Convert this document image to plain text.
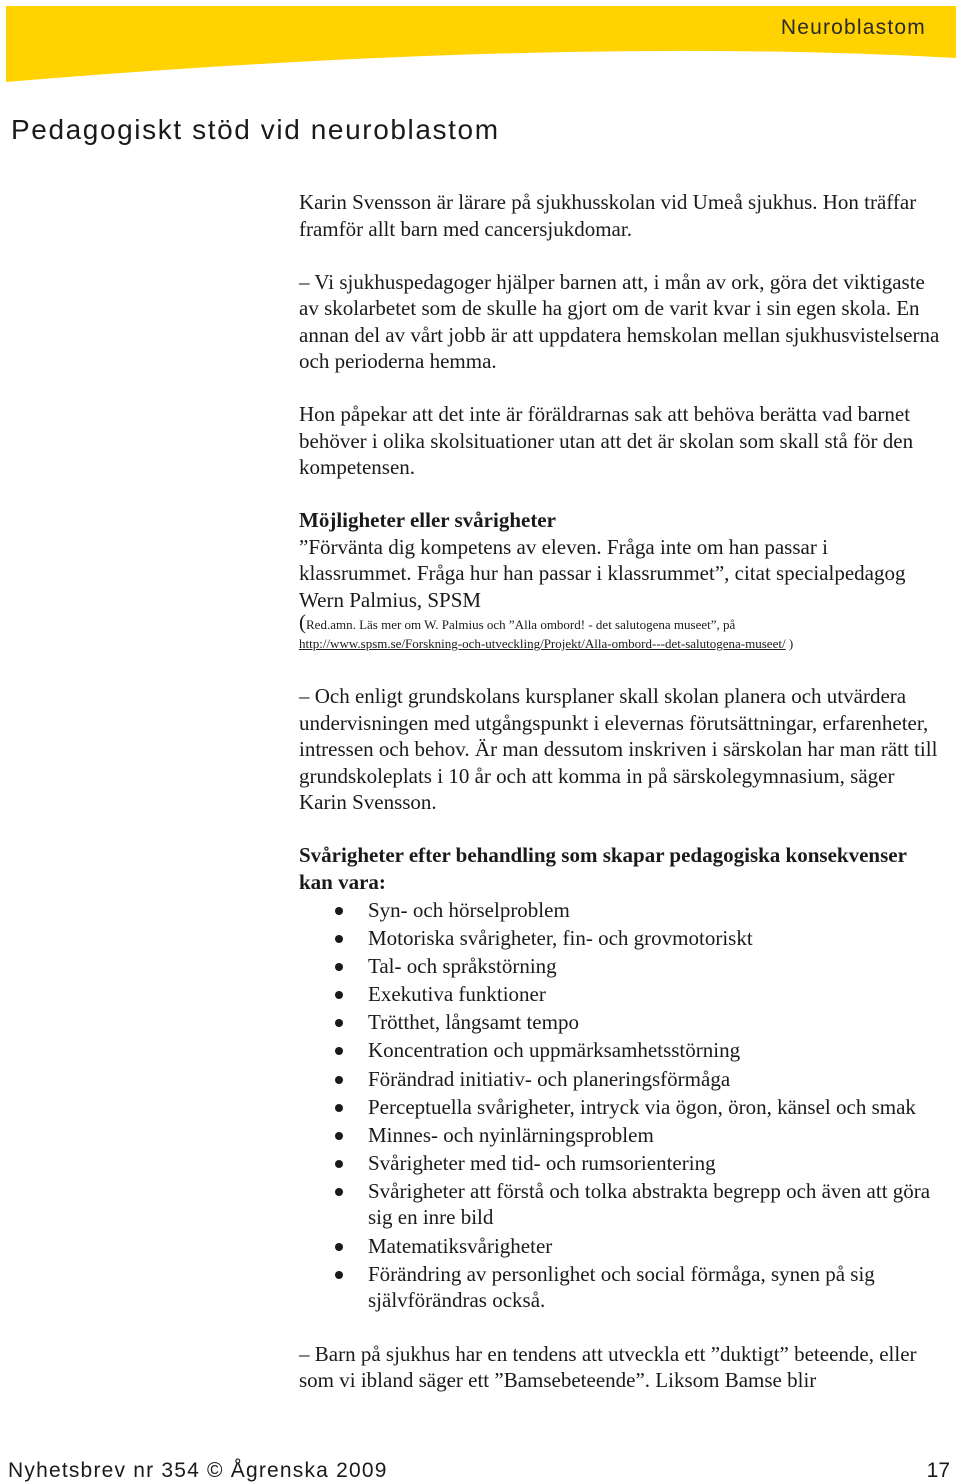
Neuroblastom
Pedagogiskt stöd vid neuroblastom

Karin Svensson är lärare på sjukhusskolan vid Umeå sjukhus. Hon träffar framför allt barn med cancersjukdomar.

– Vi sjukhuspedagoger hjälper barnen att, i mån av ork, göra det viktigaste av skolarbetet som de skulle ha gjort om de varit kvar i sin egen skola. En annan del av vårt jobb är att uppdatera hemskolan mellan sjukhusvistelserna och perioderna hemma.

Hon påpekar att det inte är föräldrarnas sak att behöva berätta vad barnet behöver i olika skolsituationer utan att det är skolan som skall stå för den kompetensen.

Möjligheter eller svårigheter
”Förvänta dig kompetens av eleven. Fråga inte om han passar i klassrummet. Fråga hur han passar i klassrummet”, citat specialpedagog Wern Palmius, SPSM
(Red.amn. Läs mer om W. Palmius och ”Alla ombord! - det salutogena museet”, på
http://www.spsm.se/Forskning-och-utveckling/Projekt/Alla-ombord---det-salutogena-museet/ )

– Och enligt grundskolans kursplaner skall skolan planera och utvärdera undervisningen med utgångspunkt i elevernas förutsättningar, erfarenheter, intressen och behov. Är man dessutom inskriven i särskolan har man rätt till grundskoleplats i 10 år och att komma in på särskolegymnasium, säger Karin Svensson.

Svårigheter efter behandling som skapar pedagogiska konsekvenser kan vara:
Syn- och hörselproblem
Motoriska svårigheter, fin- och grovmotoriskt
Tal- och språkstörning
Exekutiva funktioner
Trötthet, långsamt tempo
Koncentration och uppmärksamhetsstörning
Förändrad initiativ- och planeringsförmåga
Perceptuella svårigheter, intryck via ögon, öron, känsel och smak
Minnes- och nyinlärningsproblem
Svårigheter med tid- och rumsorientering
Svårigheter att förstå och tolka abstrakta begrepp och även att göra sig en inre bild
Matematiksvårigheter
Förändring av personlighet och social förmåga, synen på sig självförändras också.

– Barn på sjukhus har en tendens att utveckla ett ”duktigt” beteende, eller som vi ibland säger ett ”Bamsebeteende”. Liksom Bamse blir

Nyhetsbrev nr 354 © Ågrenska 2009	17
